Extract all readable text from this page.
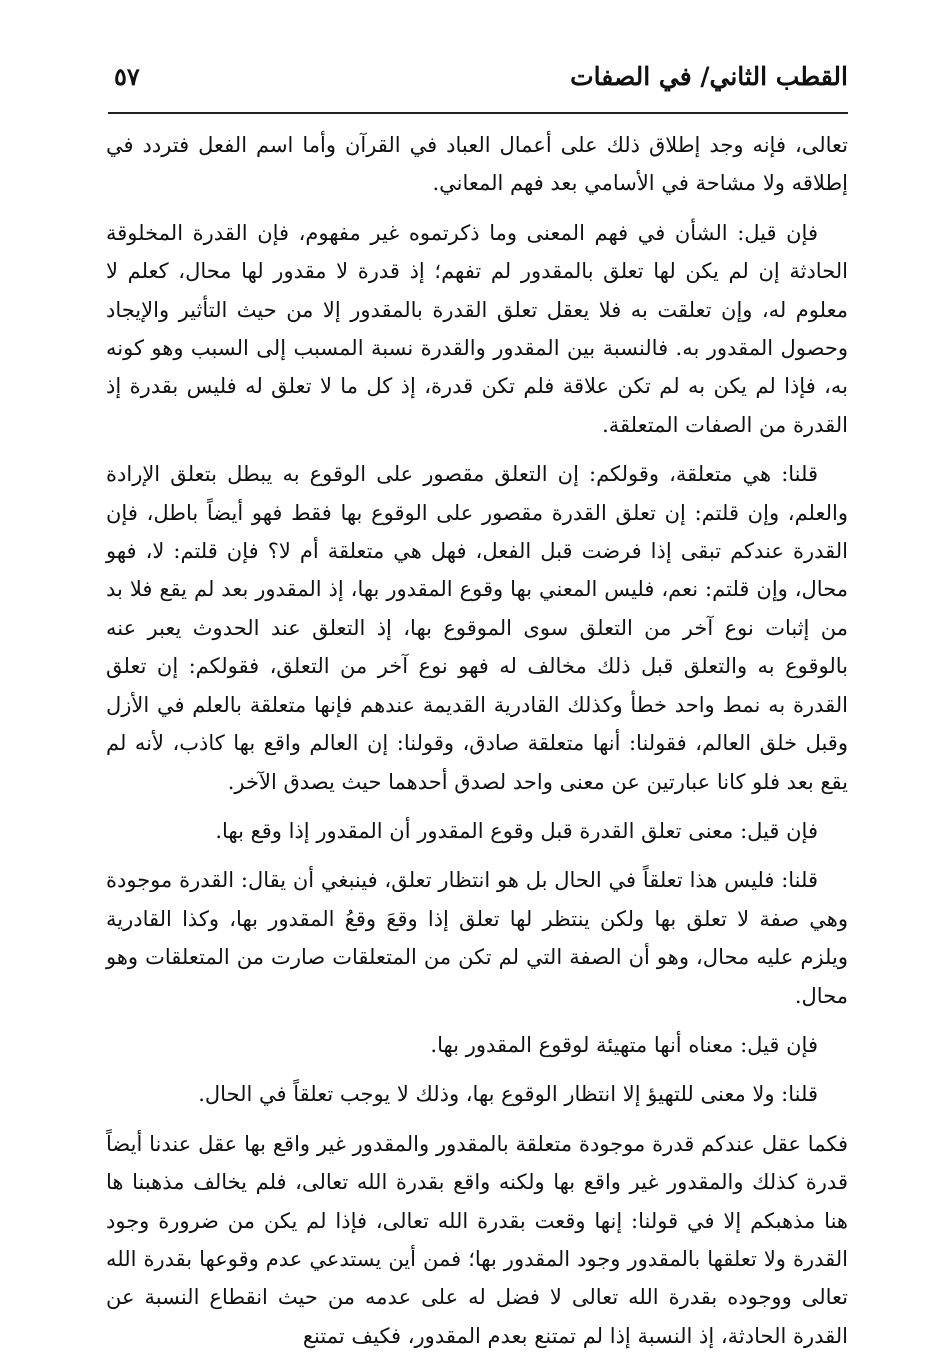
القطب الثاني/ في الصفات
٥٧

تعالى، فإنه وجد إطلاق ذلك على أعمال العباد في القرآن وأما اسم الفعل فتردد في إطلاقه ولا مشاحة في الأسامي بعد فهم المعاني.

فإن قيل: الشأن في فهم المعنى وما ذكرتموه غير مفهوم، فإن القدرة المخلوقة الحادثة إن لم يكن لها تعلق بالمقدور لم تفهم؛ إذ قدرة لا مقدور لها محال، كعلم لا معلوم له، وإن تعلقت به فلا يعقل تعلق القدرة بالمقدور إلا من حيث التأثير والإيجاد وحصول المقدور به. فالنسبة بين المقدور والقدرة نسبة المسبب إلى السبب وهو كونه به، فإذا لم يكن به لم تكن علاقة فلم تكن قدرة، إذ كل ما لا تعلق له فليس بقدرة إذ القدرة من الصفات المتعلقة.

قلنا: هي متعلقة، وقولكم: إن التعلق مقصور على الوقوع به يبطل بتعلق الإرادة والعلم، وإن قلتم: إن تعلق القدرة مقصور على الوقوع بها فقط فهو أيضاً باطل، فإن القدرة عندكم تبقى إذا فرضت قبل الفعل، فهل هي متعلقة أم لا؟ فإن قلتم: لا، فهو محال، وإن قلتم: نعم، فليس المعني بها وقوع المقدور بها، إذ المقدور بعد لم يقع فلا بد من إثبات نوع آخر من التعلق سوى الموقوع بها، إذ التعلق عند الحدوث يعبر عنه بالوقوع به والتعلق قبل ذلك مخالف له فهو نوع آخر من التعلق، فقولكم: إن تعلق القدرة به نمط واحد خطأ وكذلك القادرية القديمة عندهم فإنها متعلقة بالعلم في الأزل وقبل خلق العالم، فقولنا: أنها متعلقة صادق، وقولنا: إن العالم واقع بها كاذب، لأنه لم يقع بعد فلو كانا عبارتين عن معنى واحد لصدق أحدهما حيث يصدق الآخر.

فإن قيل: معنى تعلق القدرة قبل وقوع المقدور أن المقدور إذا وقع بها.

قلنا: فليس هذا تعلقاً في الحال بل هو انتظار تعلق، فينبغي أن يقال: القدرة موجودة وهي صفة لا تعلق بها ولكن ينتظر لها تعلق إذا وقعَ وقعُ المقدور بها، وكذا القادرية ويلزم عليه محال، وهو أن الصفة التي لم تكن من المتعلقات صارت من المتعلقات وهو محال.

فإن قيل: معناه أنها متهيئة لوقوع المقدور بها.

قلنا: ولا معنى للتهيؤ إلا انتظار الوقوع بها، وذلك لا يوجب تعلقاً في الحال.

فكما عقل عندكم قدرة موجودة متعلقة بالمقدور والمقدور غير واقع بها عقل عندنا أيضاً قدرة كذلك والمقدور غير واقع بها ولكنه واقع بقدرة الله تعالى، فلم يخالف مذهبنا ها هنا مذهبكم إلا في قولنا: إنها وقعت بقدرة الله تعالى، فإذا لم يكن من ضرورة وجود القدرة ولا تعلقها بالمقدور وجود المقدور بها؛ فمن أين يستدعي عدم وقوعها بقدرة الله تعالى ووجوده بقدرة الله تعالى لا فضل له على عدمه من حيث انقطاع النسبة عن القدرة الحادثة، إذ النسبة إذا لم تمتنع بعدم المقدور، فكيف تمتنع
